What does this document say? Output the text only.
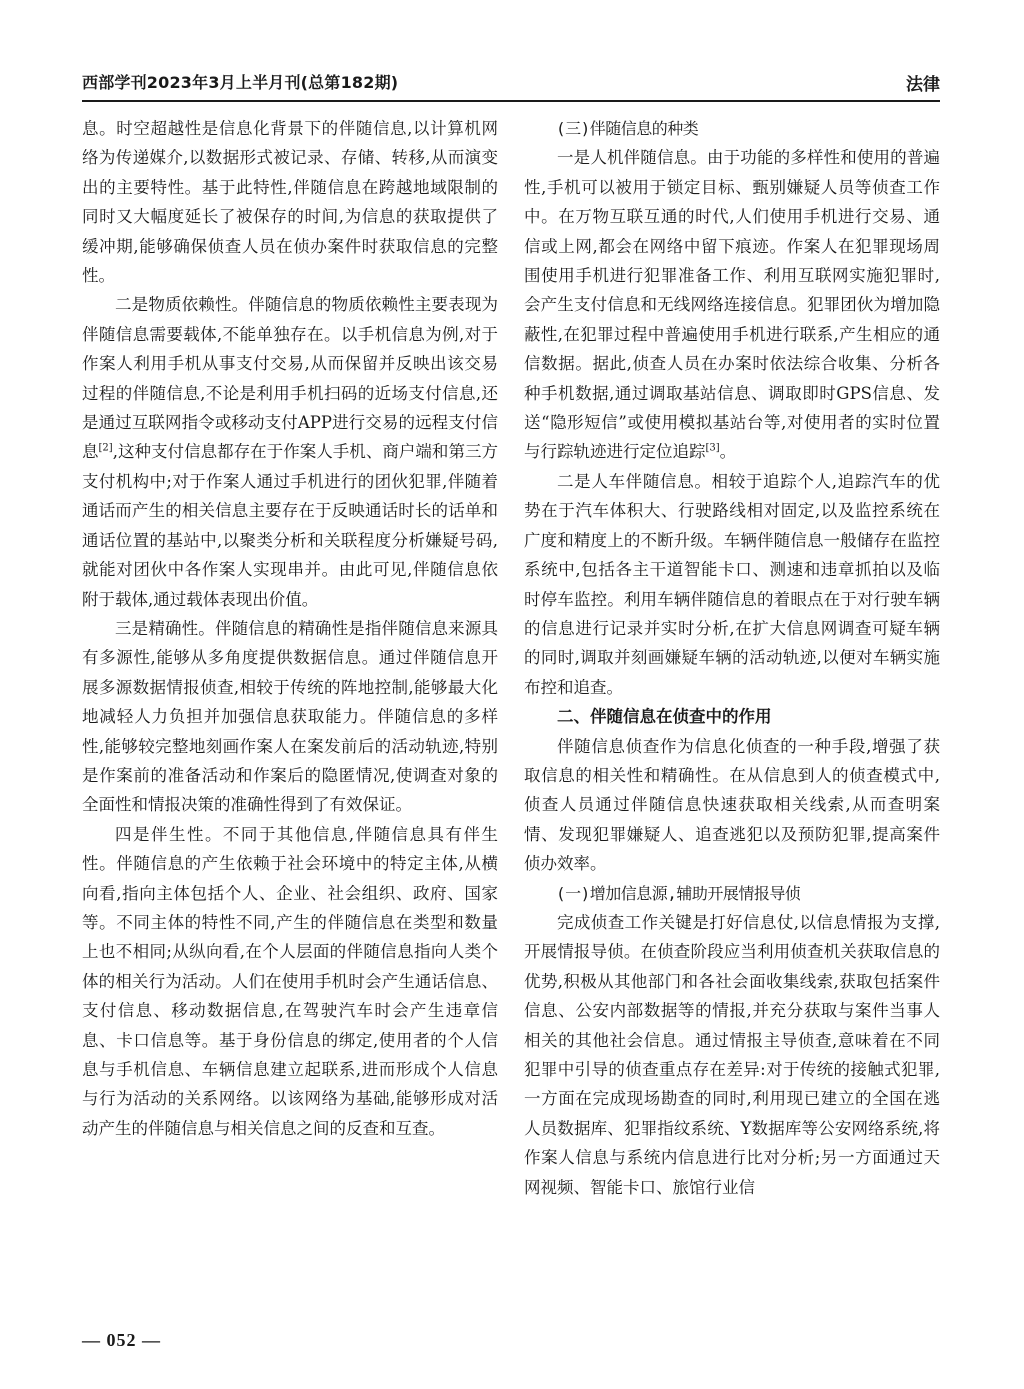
西部学刊2023年3月上半月刊(总第182期)	法律

息。时空超越性是信息化背景下的伴随信息,以计算机网络为传递媒介,以数据形式被记录、存储、转移,从而演变出的主要特性。基于此特性,伴随信息在跨越地域限制的同时又大幅度延长了被保存的时间,为信息的获取提供了缓冲期,能够确保侦查人员在侦办案件时获取信息的完整性。

二是物质依赖性。伴随信息的物质依赖性主要表现为伴随信息需要载体,不能单独存在。以手机信息为例,对于作案人利用手机从事支付交易,从而保留并反映出该交易过程的伴随信息,不论是利用手机扫码的近场支付信息,还是通过互联网指令或移动支付APP进行交易的远程支付信息[2],这种支付信息都存在于作案人手机、商户端和第三方支付机构中;对于作案人通过手机进行的团伙犯罪,伴随着通话而产生的相关信息主要存在于反映通话时长的话单和通话位置的基站中,以聚类分析和关联程度分析嫌疑号码,就能对团伙中各作案人实现串并。由此可见,伴随信息依附于载体,通过载体表现出价值。

三是精确性。伴随信息的精确性是指伴随信息来源具有多源性,能够从多角度提供数据信息。通过伴随信息开展多源数据情报侦查,相较于传统的阵地控制,能够最大化地减轻人力负担并加强信息获取能力。伴随信息的多样性,能够较完整地刻画作案人在案发前后的活动轨迹,特别是作案前的准备活动和作案后的隐匿情况,使调查对象的全面性和情报决策的准确性得到了有效保证。

四是伴生性。不同于其他信息,伴随信息具有伴生性。伴随信息的产生依赖于社会环境中的特定主体,从横向看,指向主体包括个人、企业、社会组织、政府、国家等。不同主体的特性不同,产生的伴随信息在类型和数量上也不相同;从纵向看,在个人层面的伴随信息指向人类个体的相关行为活动。人们在使用手机时会产生通话信息、支付信息、移动数据信息,在驾驶汽车时会产生违章信息、卡口信息等。基于身份信息的绑定,使用者的个人信息与手机信息、车辆信息建立起联系,进而形成个人信息与行为活动的关系网络。以该网络为基础,能够形成对活动产生的伴随信息与相关信息之间的反查和互查。

(三)伴随信息的种类

一是人机伴随信息。由于功能的多样性和使用的普遍性,手机可以被用于锁定目标、甄别嫌疑人员等侦查工作中。在万物互联互通的时代,人们使用手机进行交易、通信或上网,都会在网络中留下痕迹。作案人在犯罪现场周围使用手机进行犯罪准备工作、利用互联网实施犯罪时,会产生支付信息和无线网络连接信息。犯罪团伙为增加隐蔽性,在犯罪过程中普遍使用手机进行联系,产生相应的通信数据。据此,侦查人员在办案时依法综合收集、分析各种手机数据,通过调取基站信息、调取即时GPS信息、发送“隐形短信”或使用模拟基站台等,对使用者的实时位置与行踪轨迹进行定位追踪[3]。

二是人车伴随信息。相较于追踪个人,追踪汽车的优势在于汽车体积大、行驶路线相对固定,以及监控系统在广度和精度上的不断升级。车辆伴随信息一般储存在监控系统中,包括各主干道智能卡口、测速和违章抓拍以及临时停车监控。利用车辆伴随信息的着眼点在于对行驶车辆的信息进行记录并实时分析,在扩大信息网调查可疑车辆的同时,调取并刻画嫌疑车辆的活动轨迹,以便对车辆实施布控和追查。

二、伴随信息在侦查中的作用

伴随信息侦查作为信息化侦查的一种手段,增强了获取信息的相关性和精确性。在从信息到人的侦查模式中,侦查人员通过伴随信息快速获取相关线索,从而查明案情、发现犯罪嫌疑人、追查逃犯以及预防犯罪,提高案件侦办效率。

(一)增加信息源,辅助开展情报导侦

完成侦查工作关键是打好信息仗,以信息情报为支撑,开展情报导侦。在侦查阶段应当利用侦查机关获取信息的优势,积极从其他部门和各社会面收集线索,获取包括案件信息、公安内部数据等的情报,并充分获取与案件当事人相关的其他社会信息。通过情报主导侦查,意味着在不同犯罪中引导的侦查重点存在差异:对于传统的接触式犯罪,一方面在完成现场勘查的同时,利用现已建立的全国在逃人员数据库、犯罪指纹系统、Y数据库等公安网络系统,将作案人信息与系统内信息进行比对分析;另一方面通过天网视频、智能卡口、旅馆行业信

— 052 —
